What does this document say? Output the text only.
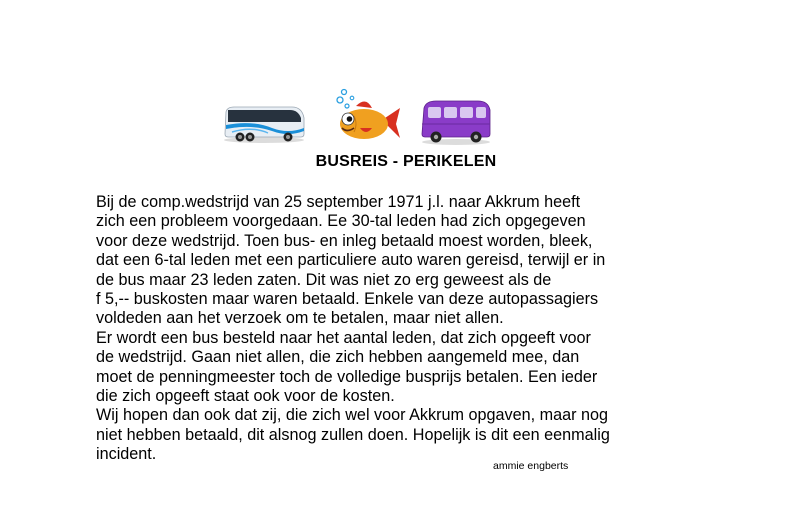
BUSREIS - PERIKELEN
Bij de comp.wedstrijd van 25 september 1971 j.l. naar Akkrum heeft
zich een probleem voorgedaan. Ee 30-tal leden had zich opgegeven
voor deze wedstrijd. Toen bus- en inleg betaald moest worden, bleek,
dat een 6-tal leden met een particuliere auto waren gereisd, terwijl er in
de bus maar 23 leden zaten. Dit was niet zo erg geweest als de
f 5,-- buskosten maar waren betaald. Enkele van deze autopassagiers
voldeden aan het verzoek om te betalen, maar niet allen.
Er wordt een bus besteld naar het aantal leden, dat zich opgeeft voor
de wedstrijd. Gaan niet allen, die zich hebben aangemeld mee, dan
moet de penningmeester toch de volledige busprijs betalen. Een ieder
die zich opgeeft staat ook voor de kosten.
Wij hopen dan ook dat zij, die zich wel voor Akkrum opgaven, maar nog
niet hebben betaald, dit alsnog zullen doen. Hopelijk is dit een eenmalig
incident.
ammie engberts
